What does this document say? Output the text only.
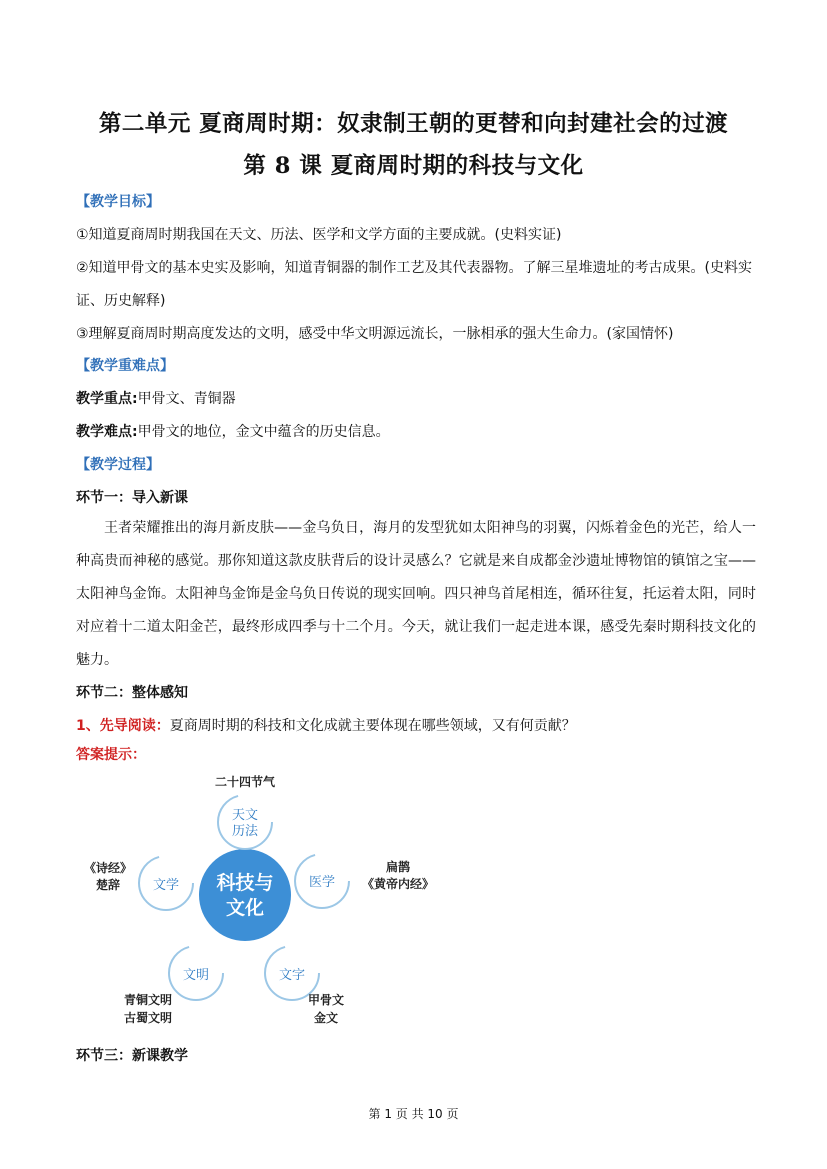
第二单元 夏商周时期：奴隶制王朝的更替和向封建社会的过渡
第 8 课 夏商周时期的科技与文化
【教学目标】
①知道夏商周时期我国在天文、历法、医学和文学方面的主要成就。(史料实证)
②知道甲骨文的基本史实及影响，知道青铜器的制作工艺及其代表器物。了解三星堆遗址的考古成果。(史料实证、历史解释)
③理解夏商周时期高度发达的文明，感受中华文明源远流长，一脉相承的强大生命力。(家国情怀)
【教学重难点】
教学重点:甲骨文、青铜器
教学难点:甲骨文的地位，金文中蕴含的历史信息。
【教学过程】
环节一：导入新课
王者荣耀推出的海月新皮肤——金乌负日，海月的发型犹如太阳神鸟的羽翼，闪烁着金色的光芒，给人一种高贵而神秘的感觉。那你知道这款皮肤背后的设计灵感么？它就是来自成都金沙遗址博物馆的镇馆之宝——太阳神鸟金饰。太阳神鸟金饰是金乌负日传说的现实回响。四只神鸟首尾相连，循环往复，托运着太阳，同时对应着十二道太阳金芒，最终形成四季与十二个月。今天，就让我们一起走进本课，感受先秦时期科技文化的魅力。
环节二：整体感知
1、先导阅读：夏商周时期的科技和文化成就主要体现在哪些领域，又有何贡献？
答案提示：
科技与
文化
天文
历法
二十四节气
医学
扁鹊
《黄帝内经》
文字
甲骨文
金文
文明
青铜文明
古蜀文明
文学
《诗经》
楚辞
环节三：新课教学
第 1 页 共 10 页
